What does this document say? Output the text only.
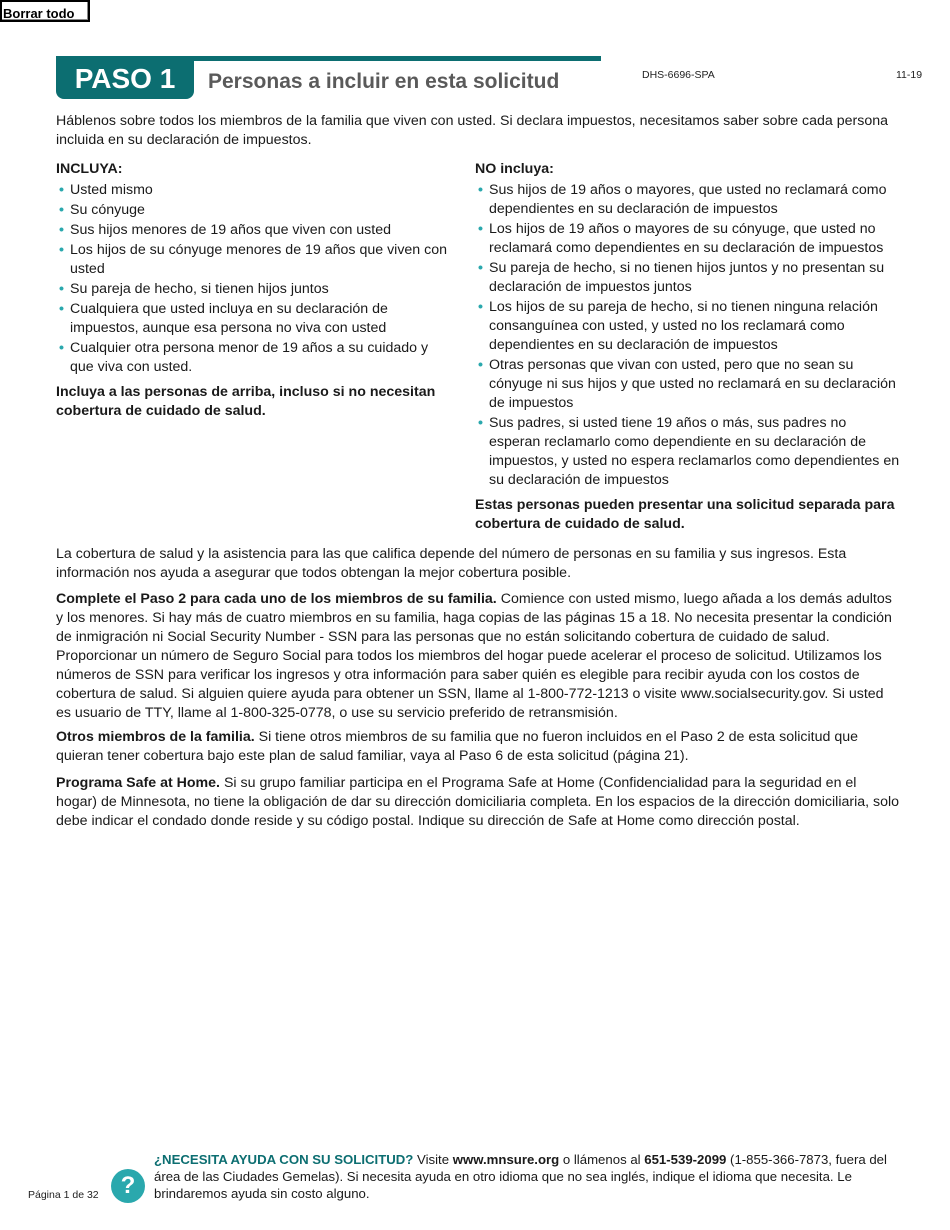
Borrar todo
PASO 1	Personas a incluir en esta solicitud	DHS-6696-SPA	11-19
Háblenos sobre todos los miembros de la familia que viven con usted. Si declara impuestos, necesitamos saber sobre cada persona incluida en su declaración de impuestos.
INCLUYA:
• Usted mismo
• Su cónyuge
• Sus hijos menores de 19 años que viven con usted
• Los hijos de su cónyuge menores de 19 años que viven con usted
• Su pareja de hecho, si tienen hijos juntos
• Cualquiera que usted incluya en su declaración de impuestos, aunque esa persona no viva con usted
• Cualquier otra persona menor de 19 años a su cuidado y que viva con usted.
Incluya a las personas de arriba, incluso si no necesitan cobertura de cuidado de salud.
NO incluya:
• Sus hijos de 19 años o mayores, que usted no reclamará como dependientes en su declaración de impuestos
• Los hijos de 19 años o mayores de su cónyuge, que usted no reclamará como dependientes en su declaración de impuestos
• Su pareja de hecho, si no tienen hijos juntos y no presentan su declaración de impuestos juntos
• Los hijos de su pareja de hecho, si no tienen ninguna relación consanguínea con usted, y usted no los reclamará como dependientes en su declaración de impuestos
• Otras personas que vivan con usted, pero que no sean su cónyuge ni sus hijos y que usted no reclamará en su declaración de impuestos
• Sus padres, si usted tiene 19 años o más, sus padres no esperan reclamarlo como dependiente en su declaración de impuestos, y usted no espera reclamarlos como dependientes en su declaración de impuestos
Estas personas pueden presentar una solicitud separada para cobertura de cuidado de salud.
La cobertura de salud y la asistencia para las que califica depende del número de personas en su familia y sus ingresos. Esta información nos ayuda a asegurar que todos obtengan la mejor cobertura posible.
Complete el Paso 2 para cada uno de los miembros de su familia. Comience con usted mismo, luego añada a los demás adultos y los menores. Si hay más de cuatro miembros en su familia, haga copias de las páginas 15 a 18. No necesita presentar la condición de inmigración ni Social Security Number - SSN para las personas que no están solicitando cobertura de cuidado de salud. Proporcionar un número de Seguro Social para todos los miembros del hogar puede acelerar el proceso de solicitud. Utilizamos los números de SSN para verificar los ingresos y otra información para saber quién es elegible para recibir ayuda con los costos de cobertura de salud. Si alguien quiere ayuda para obtener un SSN, llame al 1-800-772-1213 o visite www.socialsecurity.gov. Si usted es usuario de TTY, llame al 1-800-325-0778, o use su servicio preferido de retransmisión.
Otros miembros de la familia. Si tiene otros miembros de su familia que no fueron incluidos en el Paso 2 de esta solicitud que quieran tener cobertura bajo este plan de salud familiar, vaya al Paso 6 de esta solicitud (página 21).
Programa Safe at Home. Si su grupo familiar participa en el Programa Safe at Home (Confidencialidad para la seguridad en el hogar) de Minnesota, no tiene la obligación de dar su dirección domiciliaria completa. En los espacios de la dirección domiciliaria, solo debe indicar el condado donde reside y su código postal. Indique su dirección de Safe at Home como dirección postal.
Página 1 de 32 ?
¿NECESITA AYUDA CON SU SOLICITUD? Visite www.mnsure.org o llámenos al 651-539-2099 (1-855-366-7873, fuera del área de las Ciudades Gemelas). Si necesita ayuda en otro idioma que no sea inglés, indique el idioma que necesita. Le brindaremos ayuda sin costo alguno.
